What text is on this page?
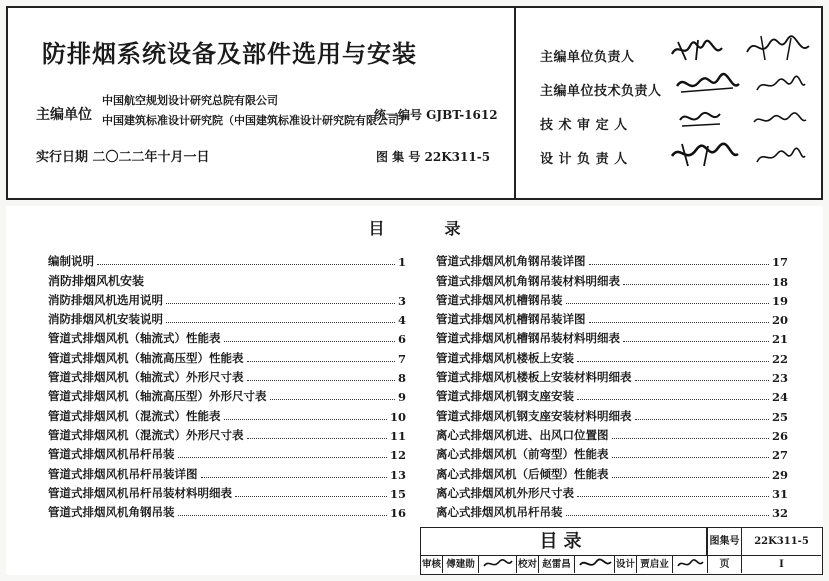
防排烟系统设备及部件选用与安装
主编单位
中国航空规划设计研究总院有限公司
中国建筑标准设计研究院（中国建筑标准设计研究院有限公司）
统一编号 GJBT-1612
实行日期 二〇二二年十月一日	图 集 号 22K311-5
主编单位负责人
主编单位技术负责人
技 术 审 定 人
设 计 负 责 人
目	录
编制说明	1
消防排烟风机安装
消防排烟风机选用说明	3
消防排烟风机安装说明	4
管道式排烟风机（轴流式）性能表	6
管道式排烟风机（轴流高压型）性能表	7
管道式排烟风机（轴流式）外形尺寸表	8
管道式排烟风机（轴流高压型）外形尺寸表	9
管道式排烟风机（混流式）性能表	10
管道式排烟风机（混流式）外形尺寸表	11
管道式排烟风机吊杆吊装	12
管道式排烟风机吊杆吊装详图	13
管道式排烟风机吊杆吊装材料明细表	15
管道式排烟风机角钢吊装	16
管道式排烟风机角钢吊装详图	17
管道式排烟风机角钢吊装材料明细表	18
管道式排烟风机槽钢吊装	19
管道式排烟风机槽钢吊装详图	20
管道式排烟风机槽钢吊装材料明细表	21
管道式排烟风机楼板上安装	22
管道式排烟风机楼板上安装材料明细表	23
管道式排烟风机钢支座安装	24
管道式排烟风机钢支座安装材料明细表	25
离心式排烟风机进、出风口位置图	26
离心式排烟风机（前弯型）性能表	27
离心式排烟风机（后倾型）性能表	29
离心式排烟风机外形尺寸表	31
离心式排烟风机吊杆吊装	32
目录	图集号	22K311-5
页	I
审核 傅建勋	校对 赵雷昌	设计 贾启业
